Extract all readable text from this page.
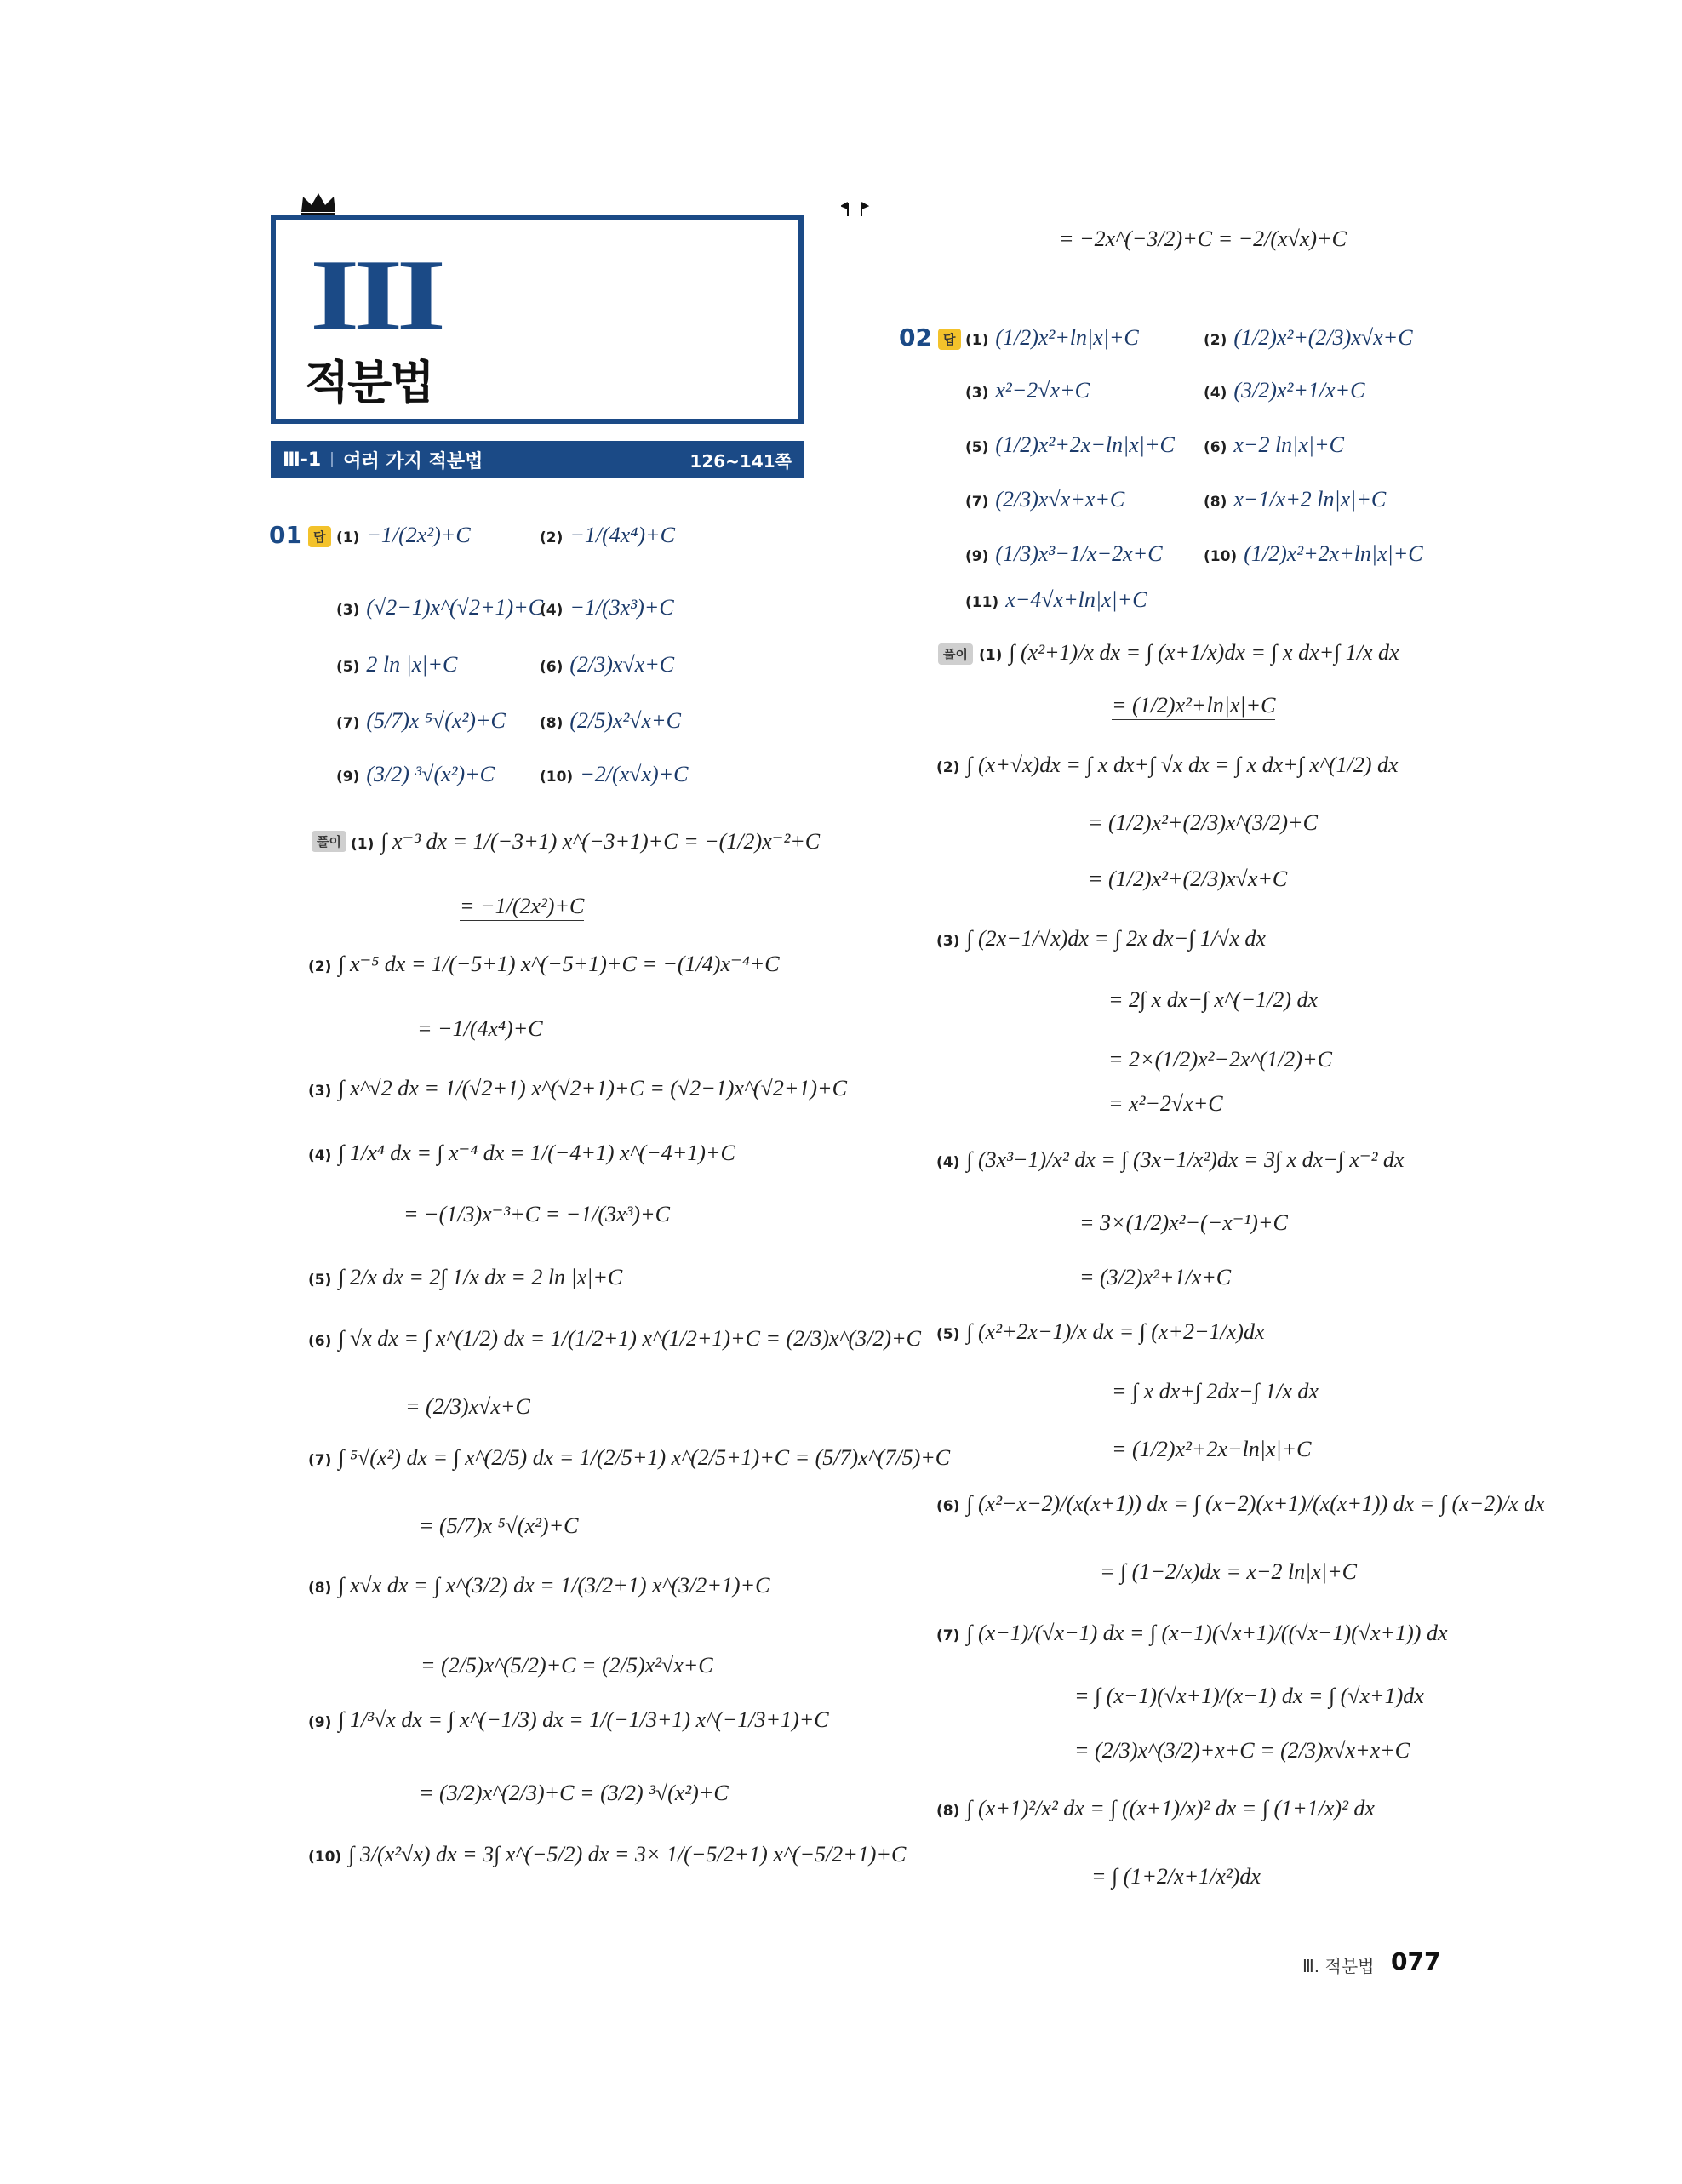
III
적분법
Ⅲ-1 여러 가지 적분법	126~141쪽
01 답 (1) −1/(2x²)+C	(2) −1/(4x⁴)+C
(3) (√2−1)x^(√2+1)+C
(4) −1/(3x³)+C
(5) 2 ln |x|+C	(6) (2/3)x√x+C
(7) (5/7)x ⁵√(x²)+C (8) (2/5)x²√x+C
(9) (3/2) ³√(x²)+C	(10) −2/(x√x)+C
풀이 (1) ∫ x⁻³ dx = 1/(−3+1) x^(−3+1)+C = −(1/2)x⁻²+C
= −1/(2x²)+C
(2) ∫ x⁻⁵ dx = 1/(−5+1) x^(−5+1)+C = −(1/4)x⁻⁴+C
= −1/(4x⁴)+C
(3) ∫ x^√2 dx = 1/(√2+1) x^(√2+1)+C = (√2−1)x^(√2+1)+C
(4) ∫ 1/x⁴ dx = ∫ x⁻⁴ dx = 1/(−4+1) x^(−4+1)+C
= −(1/3)x⁻³+C = −1/(3x³)+C
(5) ∫ 2/x dx = 2∫ 1/x dx = 2 ln |x|+C
(6) ∫ √x dx = ∫ x^(1/2) dx = 1/(1/2+1) x^(1/2+1)+C = (2/3)x^(3/2)+C
= (2/3)x√x+C
(7) ∫ ⁵√(x²) dx = ∫ x^(2/5) dx = 1/(2/5+1) x^(2/5+1)+C = (5/7)x^(7/5)+C
= (5/7)x ⁵√(x²)+C
(8) ∫ x√x dx = ∫ x^(3/2) dx = 1/(3/2+1) x^(3/2+1)+C
= (2/5)x^(5/2)+C = (2/5)x²√x+C
(9) ∫ 1/³√x dx = ∫ x^(−1/3) dx = 1/(−1/3+1) x^(−1/3+1)+C
= (3/2)x^(2/3)+C = (3/2) ³√(x²)+C
(10) ∫ 3/(x²√x) dx = 3∫ x^(−5/2) dx = 3× 1/(−5/2+1) x^(−5/2+1)+C
= −2x^(−3/2)+C = −2/(x√x)+C
02 답 (1) (1/2)x²+ln|x|+C	(2) (1/2)x²+(2/3)x√x+C
(3) x²−2√x+C	(4) (3/2)x²+1/x+C
(5) (1/2)x²+2x−ln|x|+C (6) x−2 ln|x|+C
(7) (2/3)x√x+x+C	(8) x−1/x+2 ln|x|+C
(9) (1/3)x³−1/x−2x+C	(10) (1/2)x²+2x+ln|x|+C
(11) x−4√x+ln|x|+C
풀이 (1) ∫ (x²+1)/x dx = ∫ (x+1/x)dx = ∫ x dx+∫ 1/x dx
= (1/2)x²+ln|x|+C
(2) ∫ (x+√x)dx = ∫ x dx+∫ √x dx = ∫ x dx+∫ x^(1/2) dx
= (1/2)x²+(2/3)x^(3/2)+C
= (1/2)x²+(2/3)x√x+C
(3) ∫ (2x−1/√x)dx = ∫ 2x dx−∫ 1/√x dx
= 2∫ x dx−∫ x^(−1/2) dx
= 2×(1/2)x²−2x^(1/2)+C
= x²−2√x+C
(4) ∫ (3x³−1)/x² dx = ∫ (3x−1/x²)dx = 3∫ x dx−∫ x⁻² dx
= 3×(1/2)x²−(−x⁻¹)+C
= (3/2)x²+1/x+C
(5) ∫ (x²+2x−1)/x dx = ∫ (x+2−1/x)dx
= ∫ x dx+∫ 2dx−∫ 1/x dx
= (1/2)x²+2x−ln|x|+C
(6) ∫ (x²−x−2)/(x(x+1)) dx = ∫ (x−2)(x+1)/(x(x+1)) dx = ∫ (x−2)/x dx
= ∫ (1−2/x)dx = x−2 ln|x|+C
(7) ∫ (x−1)/(√x−1) dx = ∫ (x−1)(√x+1)/((√x−1)(√x+1)) dx
= ∫ (x−1)(√x+1)/(x−1) dx = ∫ (√x+1)dx
= (2/3)x^(3/2)+x+C = (2/3)x√x+x+C
(8) ∫ (x+1)²/x² dx = ∫ ((x+1)/x)² dx = ∫ (1+1/x)² dx
= ∫ (1+2/x+1/x²)dx
Ⅲ. 적분법 077
